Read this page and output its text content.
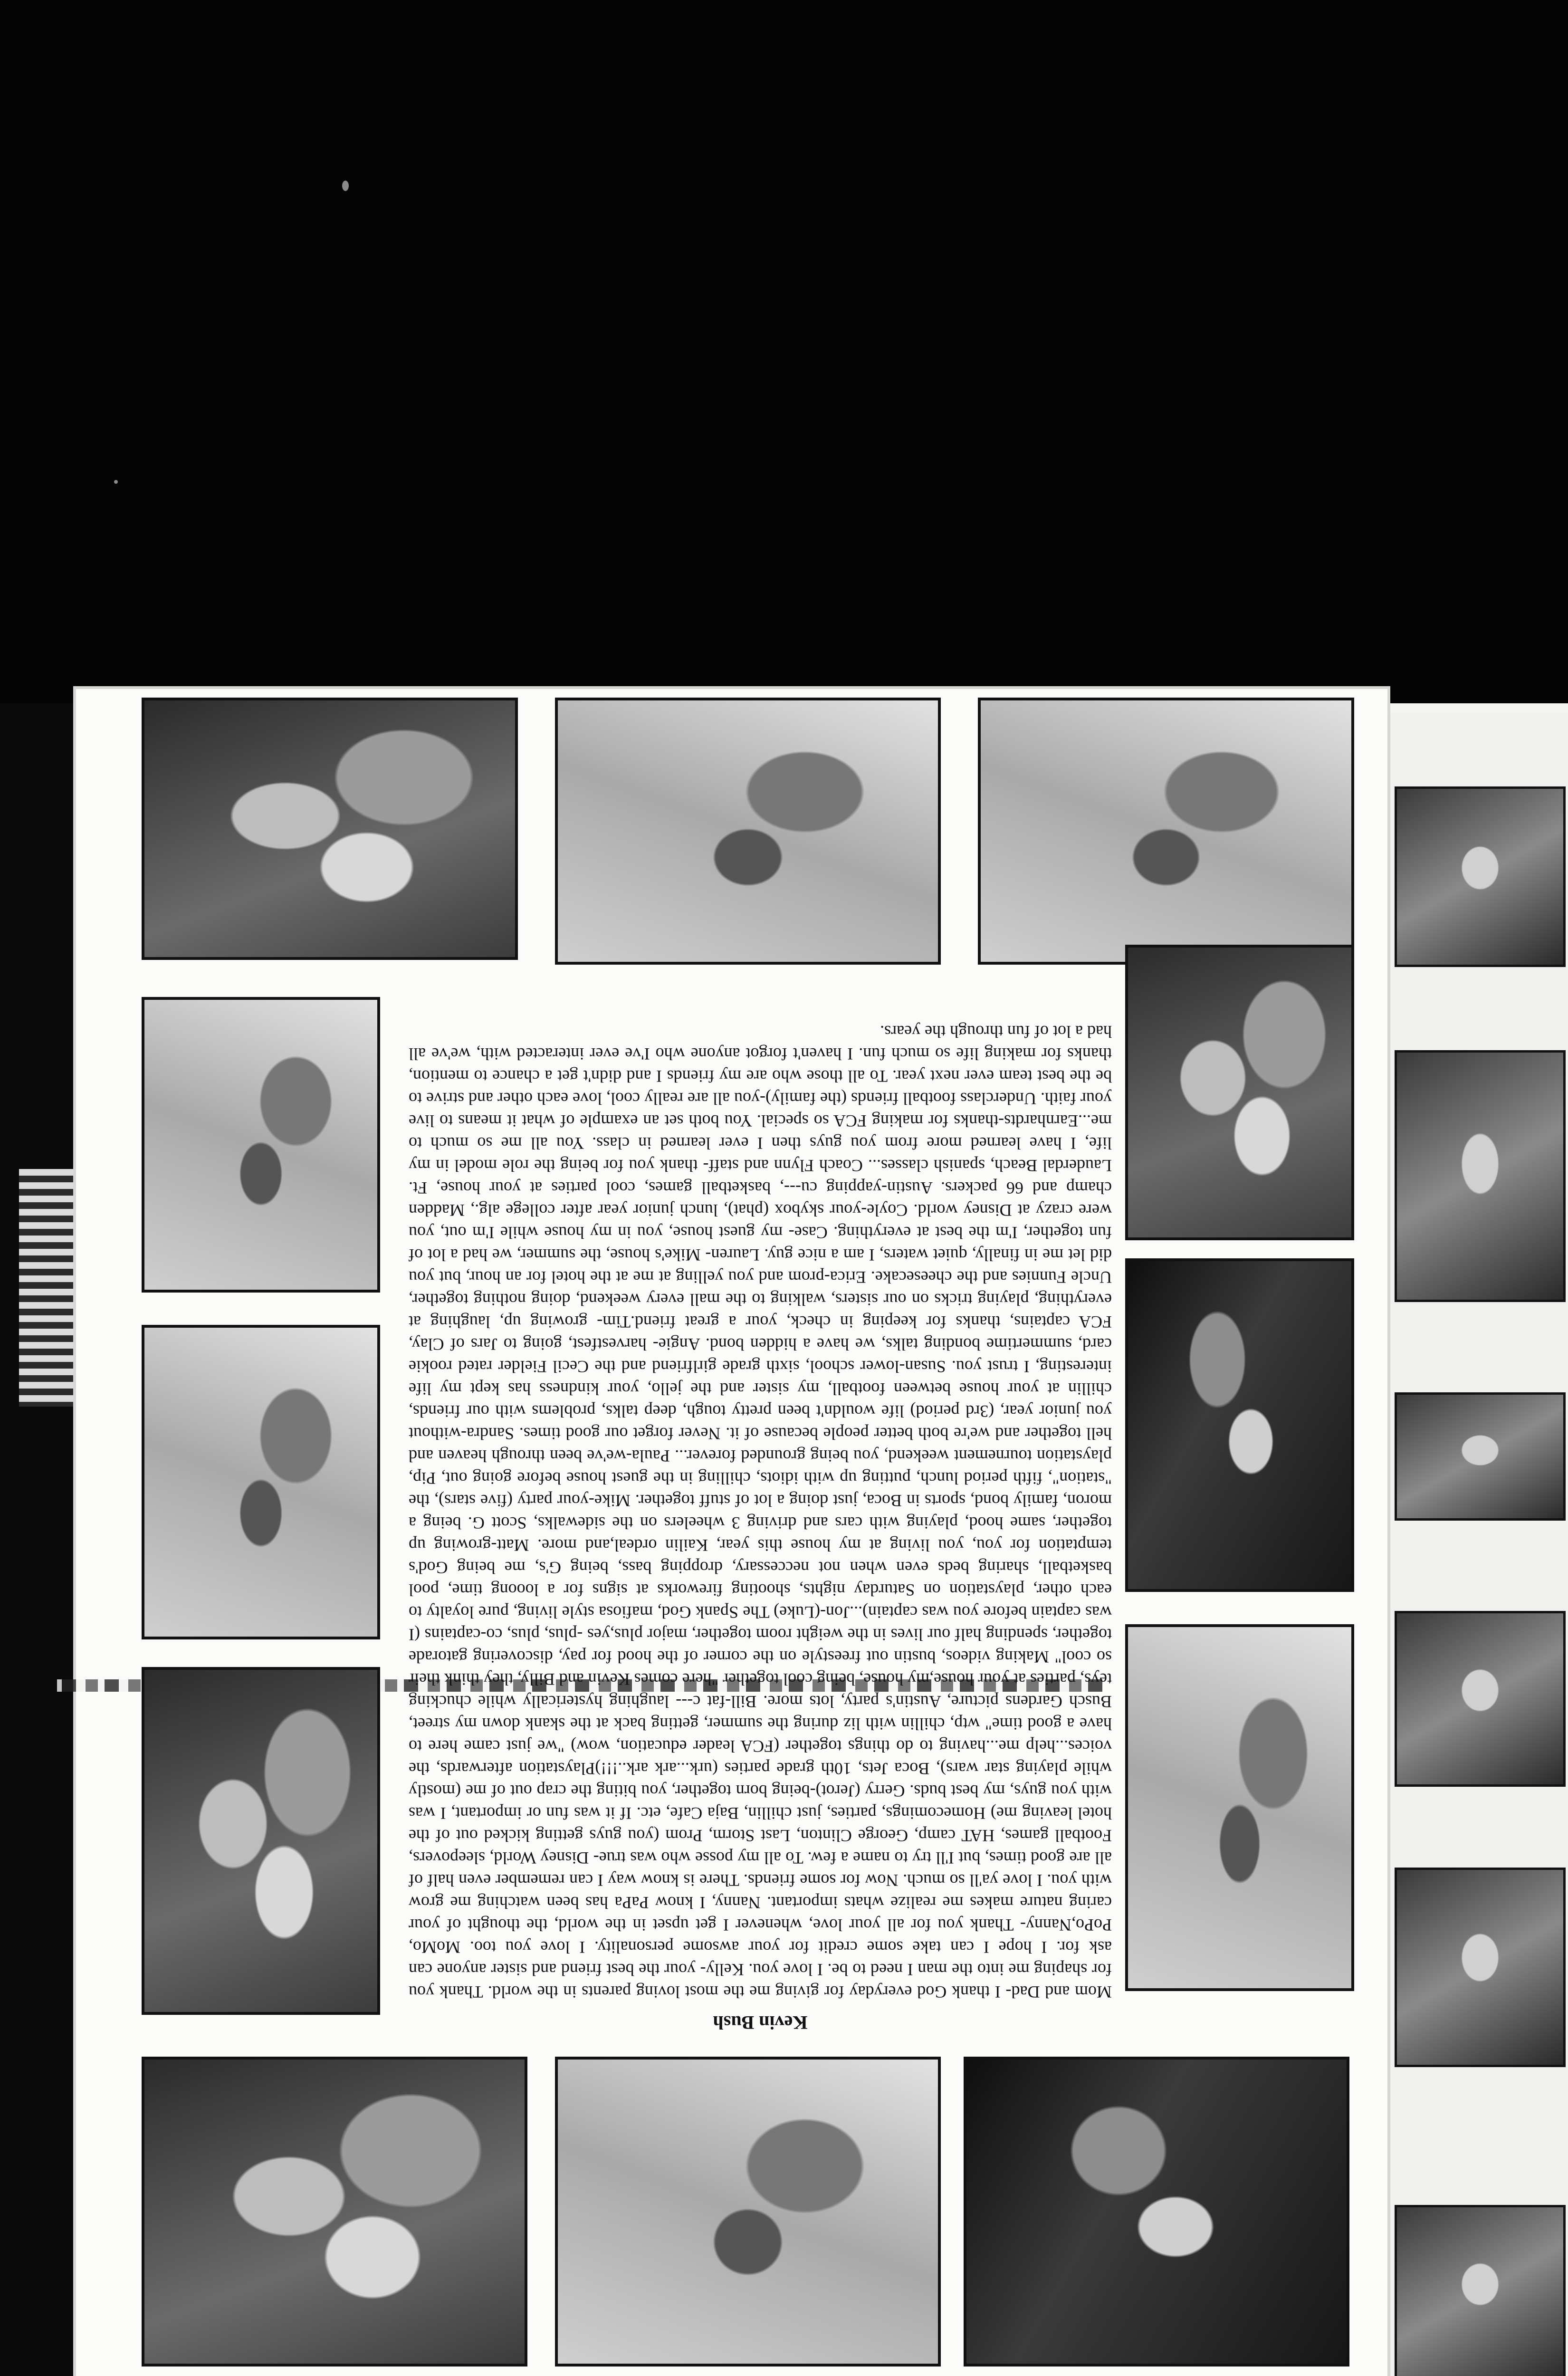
Kevin Bush

Mom and Dad- I thank God everyday for giving me the most loving parents in the world. Thank you for shaping me into the man I need to be. I love you. Kelly- your the best friend and sister anyone can ask for. I hope I can take some credit for your awsome personality. I love you too. MoMo, PoPo,Nanny- Thank you for all your love, whenever I get upset in the world, the thought of your caring nature makes me realize whats important. Nanny, I know PaPa has been watching me grow with you. I love ya'll so much. Now for some friends. There is know way I can remember even half of all are good times, but I'll try to name a few. To all my posse who was true- Disney World, sleepovers, Football games, HAT camp, George Clinton, Last Storm, Prom (you guys getting kicked out of the hotel leaving me) Homecomings, parties, just chillin, Baja Cafe, etc. If it was fun or important, I was with you guys, my best buds. Gerry (Jerot)-being born together, you biting the crap out of me (mostly while playing star wars), Boca Jets, 10th grade parties (urk...ark ark..!!!)Playstation afterwards, the voices...help me...having to do things together (FCA leader education, wow) "we just came here to have a good time" wtp, chillin with liz during the summer, getting back at the skank down my street, Busch Gardens picture, Austin's party, lots more. Bill-fat c--- laughing hysterically while chucking teys, parties at your house,my house, being cool together "here comes Kevin and Billy, they think their so cool" Making videos, bustin out freestyle on the corner of the hood for pay, discovering gatorade together, spending half our lives in the weight room together, major plus,yes -plus, plus, co-captains (I was captain before you was captain)...Jon-(Luke) The Spank God, mafiosa style living, pure loyalty to each other, playstation on Saturday nights, shooting fireworks at signs for a looong time, pool basketball, sharing beds even when not neccessary, dropping bass, being G's, me being God's temptation for you, you living at my house this year, Kailin ordeal,and more. Matt-growing up together, same hood, playing with cars and driving 3 wheelers on the sidewalks, Scott G. being a moron, family bond, sports in Boca, just doing a lot of stuff together. Mike-your party (five stars), the "station", fifth period lunch, putting up with idiots, chilling in the guest house before going out, Pip, playstation tournement weekend, you being grounded forever... Paula-we've been through heaven and hell together and we're both better people because of it. Never forget our good times. Sandra-without you junior year, (3rd period) life wouldn't been pretty tough, deep talks, problems with our friends, chillin at your house between football, my sister and the jello, your kindness has kept my life interesting, I trust you. Susan-lower school, sixth grade girlfriend and the Cecil Fielder rated rookie card, summertime bonding talks, we have a hidden bond. Angie- harvestfest, going to Jars of Clay, FCA captains, thanks for keeping in check, your a great friend.Tim- growing up, laughing at everything, playing tricks on our sisters, walking to the mall every weekend, doing nothing together, Uncle Funnies and the cheesecake. Erica-prom and you yelling at me at the hotel for an hour, but you did let me in finally, quiet waters, I am a nice guy. Lauren- Mike's house, the summer, we had a lot of fun together, I'm the best at everything. Case- my guest house, you in my house while I'm out, you were crazy at Disney world. Coyle-your skybox (phat), lunch junior year after college alg., Madden champ and 66 packers. Austin-yapping cu---, basketball games, cool parties at your house, Ft. Lauderdal Beach, spanish classes... Coach Flynn and staff- thank you for being the role model in my life, I have learned more from you guys then I ever learned in class. You all me so much to me...Earnhardts-thanks for making FCA so special. You both set an example of what it means to live your faith. Underclass football friends (the family)-you all are really cool, love each other and strive to be the best team ever next year. To all those who are my friends I and didn't get a chance to mention, thanks for making life so much fun. I haven't forgot anyone who I've ever interacted with, we've all had a lot of fun through the years.
